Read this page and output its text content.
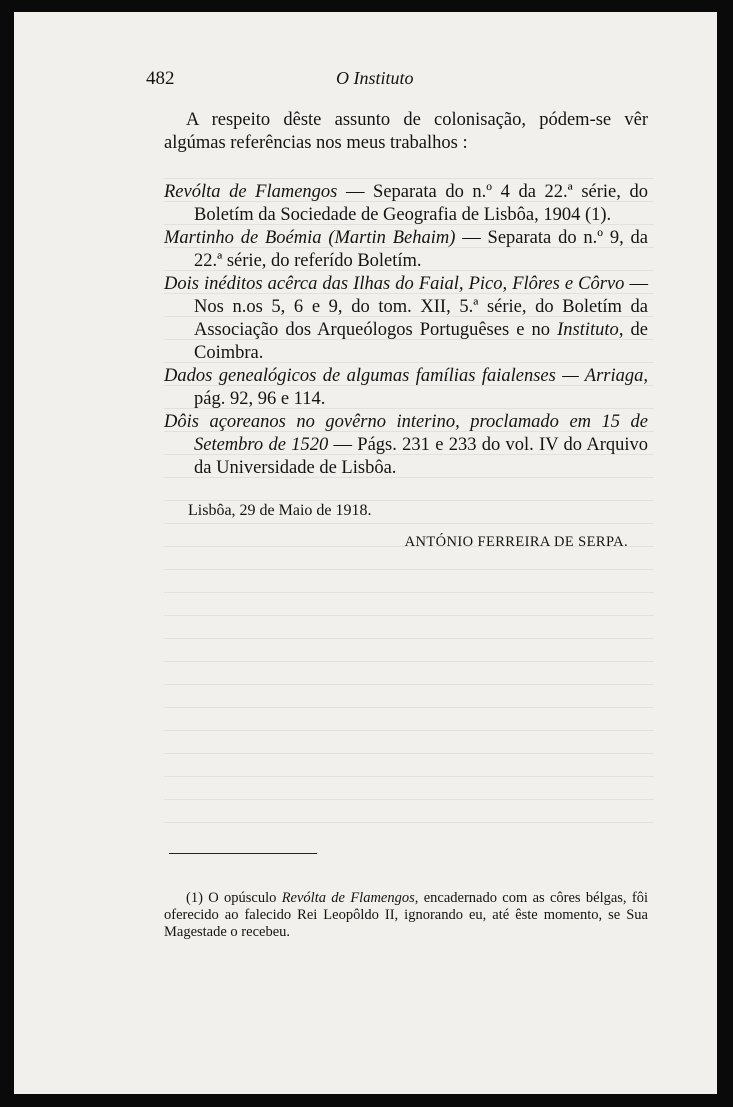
482	O Instituto

A respeito dêste assunto de colonisação, pódem-se vêr algúmas referências nos meus trabalhos :

Revólta de Flamengos — Separata do n.º 4 da 22.ª série, do Boletím da Sociedade de Geografia de Lisbôa, 1904 (1).

Martinho de Boémia (Martin Behaim) — Separata do n.º 9, da 22.ª série, do referído Boletím.

Dois inéditos acêrca das Ilhas do Faial, Pico, Flôres e Côrvo — Nos n.os 5, 6 e 9, do tom. XII, 5.ª série, do Boletím da Associação dos Arqueólogos Portuguêses e no Instituto, de Coimbra.

Dados genealógicos de algumas famílias faialenses — Arriaga, pág. 92, 96 e 114.

Dôis açoreanos no govêrno interino, proclamado em 15 de Setembro de 1520 — Págs. 231 e 233 do vol. IV do Arquivo da Universidade de Lisbôa.

Lisbôa, 29 de Maio de 1918.
ANTÓNIO FERREIRA DE SERPA.

(1) O opúsculo Revólta de Flamengos, encadernado com as côres bélgas, fôi oferecido ao falecido Rei Leopôldo II, ignorando eu, até êste momento, se Sua Magestade o recebeu.
